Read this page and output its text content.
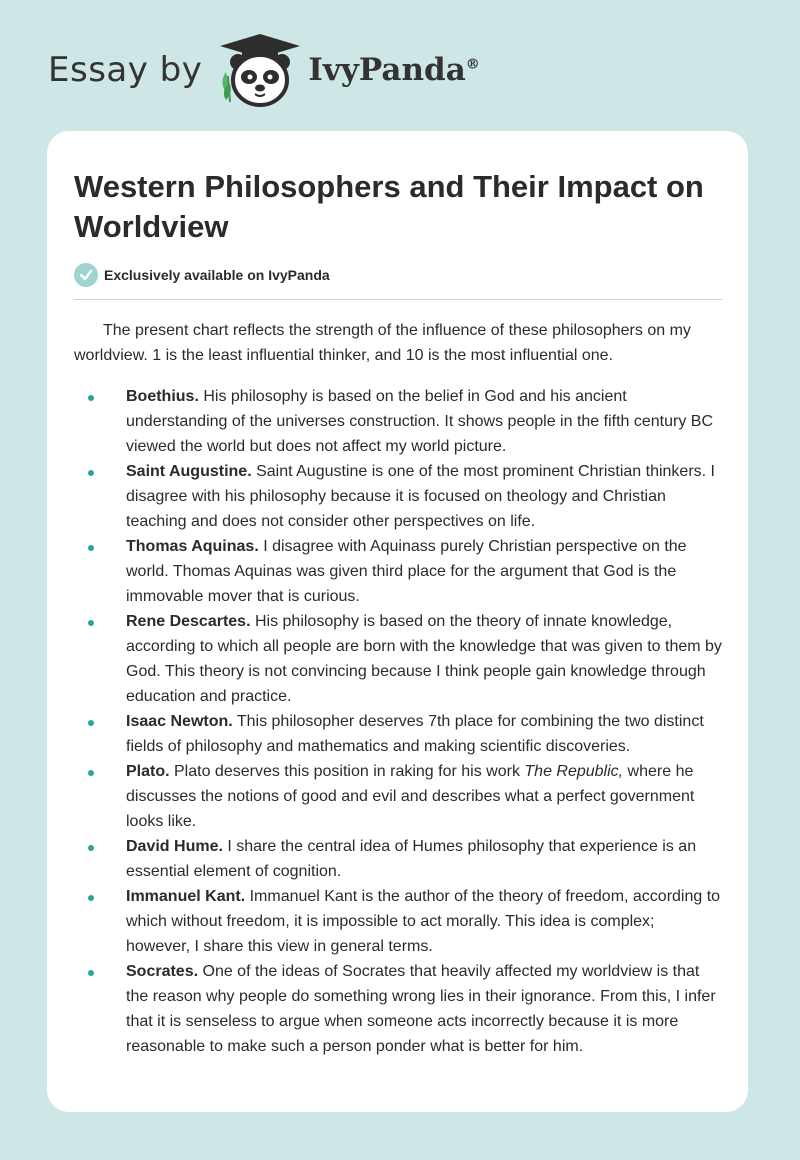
Essay by	IvyPanda®
Western Philosophers and Their Impact on Worldview
Exclusively available on IvyPanda

The present chart reflects the strength of the influence of these philosophers on my worldview. 1 is the least influential thinker, and 10 is the most influential one.

Boethius. His philosophy is based on the belief in God and his ancient understanding of the universes construction. It shows people in the fifth century BC viewed the world but does not affect my world picture.
Saint Augustine. Saint Augustine is one of the most prominent Christian thinkers. I disagree with his philosophy because it is focused on theology and Christian teaching and does not consider other perspectives on life.
Thomas Aquinas. I disagree with Aquinass purely Christian perspective on the world. Thomas Aquinas was given third place for the argument that God is the immovable mover that is curious.
Rene Descartes. His philosophy is based on the theory of innate knowledge, according to which all people are born with the knowledge that was given to them by God. This theory is not convincing because I think people gain knowledge through education and practice.
Isaac Newton. This philosopher deserves 7th place for combining the two distinct fields of philosophy and mathematics and making scientific discoveries.
Plato. Plato deserves this position in raking for his work The Republic, where he discusses the notions of good and evil and describes what a perfect government looks like.
David Hume. I share the central idea of Humes philosophy that experience is an essential element of cognition.
Immanuel Kant. Immanuel Kant is the author of the theory of freedom, according to which without freedom, it is impossible to act morally. This idea is complex; however, I share this view in general terms.
Socrates. One of the ideas of Socrates that heavily affected my worldview is that the reason why people do something wrong lies in their ignorance. From this, I infer that it is senseless to argue when someone acts incorrectly because it is more reasonable to make such a person ponder what is better for him.
